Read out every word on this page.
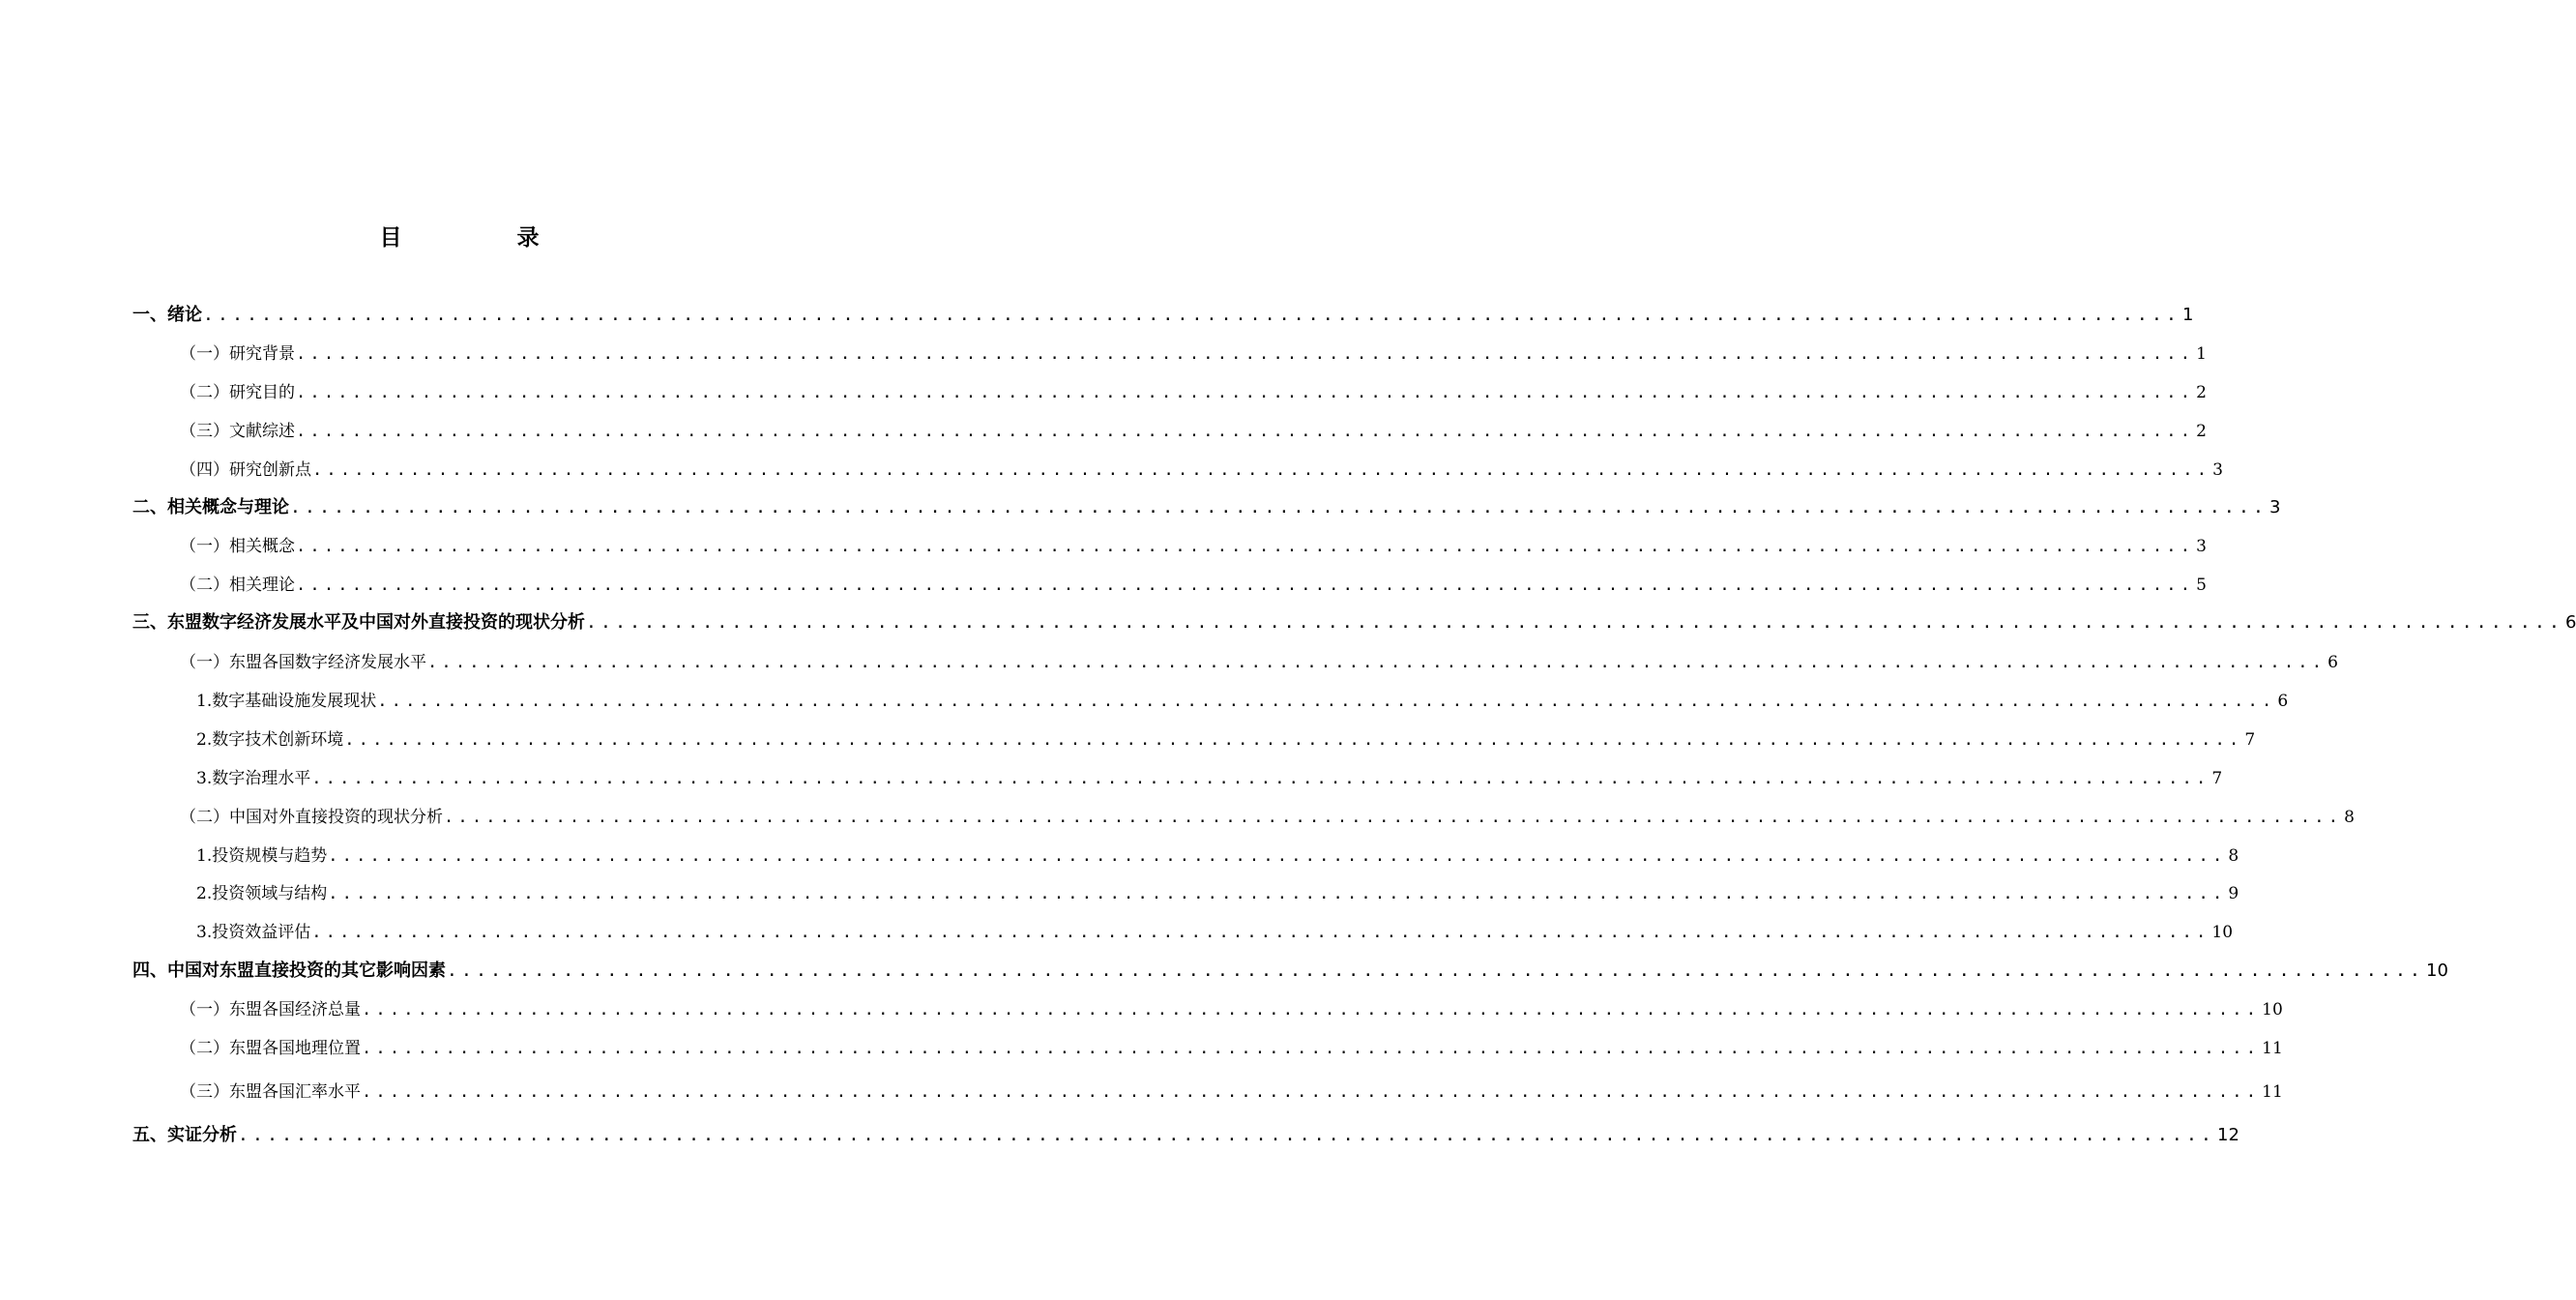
目　录
一、绪论 ........................................................................................................................................ 1
（一）研究背景 ........................................................................................................................................ 1
（二）研究目的 ........................................................................................................................................ 2
（三）文献综述 ........................................................................................................................................ 2
（四）研究创新点 ........................................................................................................................................ 3
二、相关概念与理论 ........................................................................................................................................ 3
（一）相关概念 ........................................................................................................................................ 3
（二）相关理论 ........................................................................................................................................ 5
三、东盟数字经济发展水平及中国对外直接投资的现状分析 ........................................................................................................................................ 6
（一）东盟各国数字经济发展水平 ........................................................................................................................................ 6
1.数字基础设施发展现状 ........................................................................................................................................ 6
2.数字技术创新环境 ........................................................................................................................................ 7
3.数字治理水平 ........................................................................................................................................ 7
（二）中国对外直接投资的现状分析 ........................................................................................................................................ 8
1.投资规模与趋势 ........................................................................................................................................ 8
2.投资领域与结构 ........................................................................................................................................ 9
3.投资效益评估 ........................................................................................................................................ 10
四、中国对东盟直接投资的其它影响因素 ........................................................................................................................................ 10
（一）东盟各国经济总量 ........................................................................................................................................ 10
（二）东盟各国地理位置 ........................................................................................................................................ 11
（三）东盟各国汇率水平 ........................................................................................................................................ 11
五、实证分析 ........................................................................................................................................ 12
